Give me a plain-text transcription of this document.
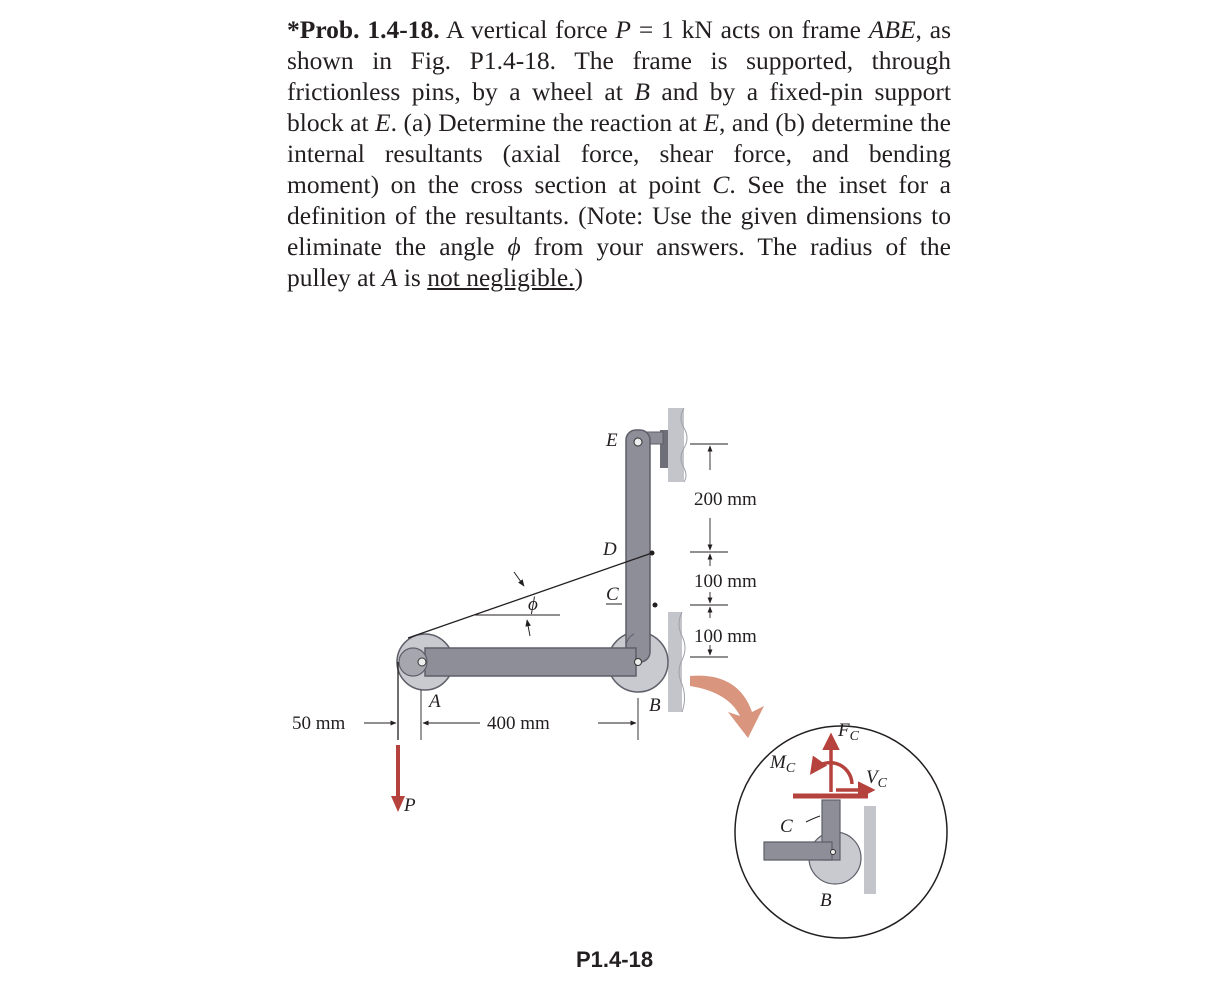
*Prob. 1.4-18. A vertical force P = 1 kN acts on frame ABE, as shown in Fig. P1.4-18. The frame is supported, through frictionless pins, by a wheel at B and by a fixed-pin support block at E. (a) Determine the reaction at E, and (b) determine the internal resultants (axial force, shear force, and bending moment) on the cross section at point C. See the inset for a definition of the resultants. (Note: Use the given dimensions to eliminate the angle ϕ from your answers. The radius of the pulley at A is not negligible.)
P
ϕ
E
D
C
A	B
200 mm
100 mm
100 mm
50 mm	400 mm	$F_C$
$V_C$
$M_C$
C
B
P1.4-18
